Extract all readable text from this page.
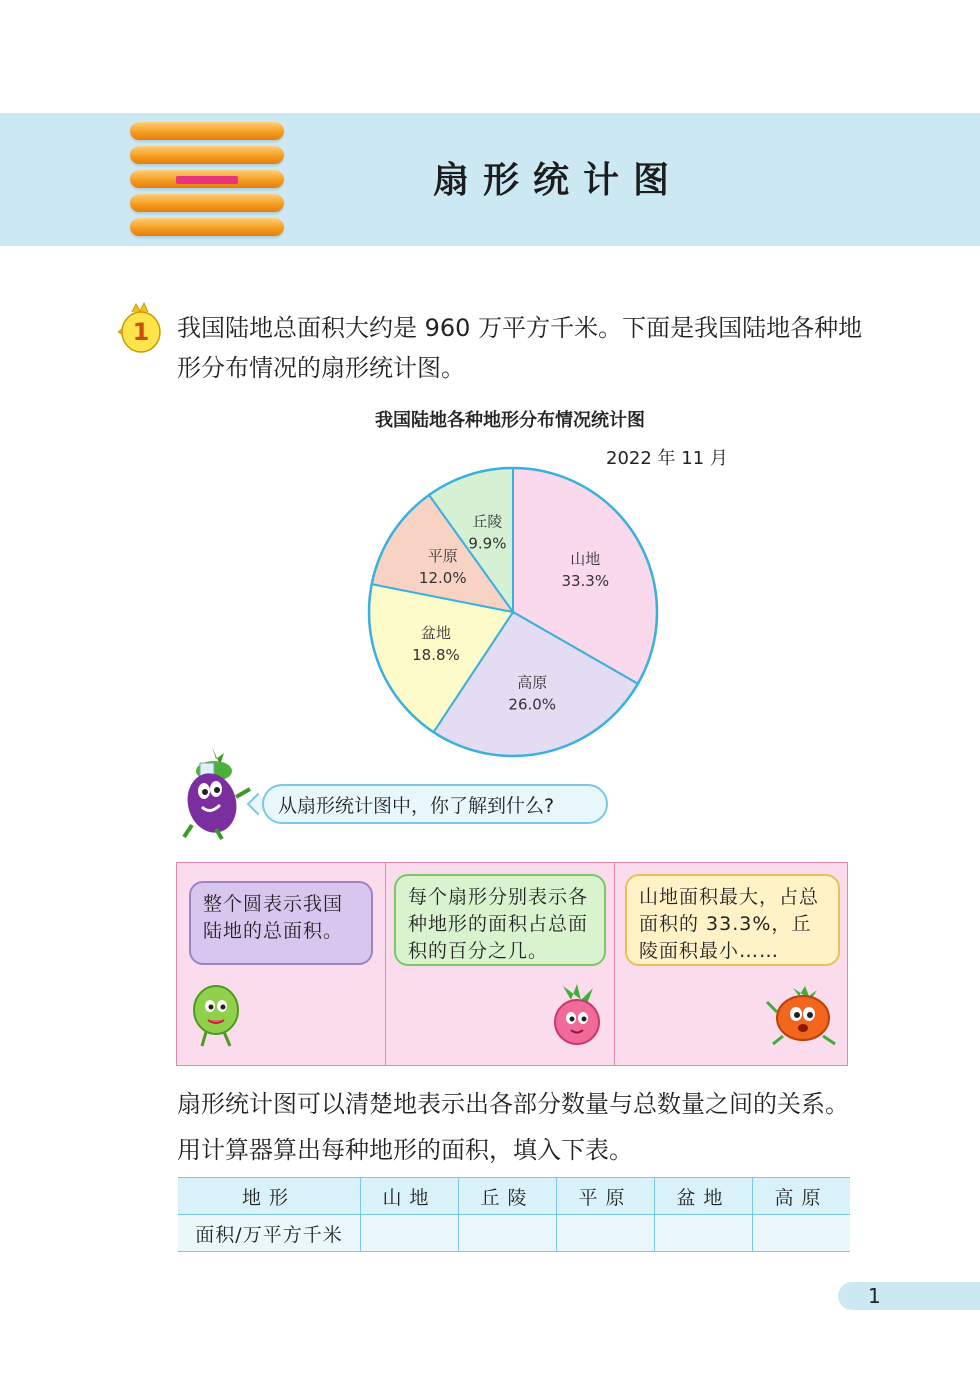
扇形统计图
1 我国陆地总面积大约是 960 万平方千米。下面是我国陆地各种地形分布情况的扇形统计图。
我国陆地各种地形分布情况统计图
2022 年 11 月
山地
33.3%
高原
26.0%
盆地
18.8%
平原
12.0%
丘陵
9.9%
从扇形统计图中，你了解到什么?
整个圆表示我国陆地的总面积。
每个扇形分别表示各种地形的面积占总面积的百分之几。
山地面积最大，占总面积的 33.3%，丘陵面积最小……
扇形统计图可以清楚地表示出各部分数量与总数量之间的关系。
用计算器算出每种地形的面积，填入下表。
地形	山地	丘陵	平原	盆地	高原
面积/万平方千米					
1
